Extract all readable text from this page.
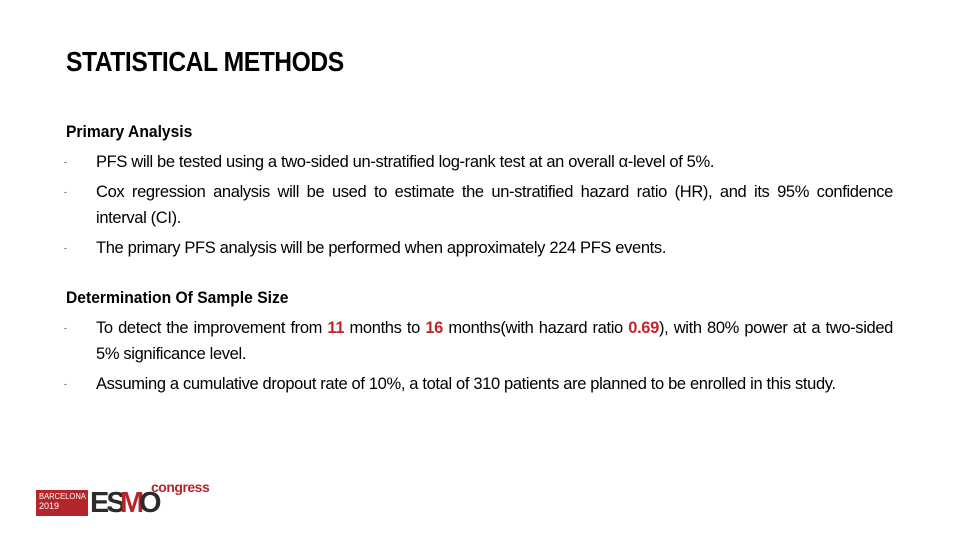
STATISTICAL METHODS
Primary Analysis
- PFS will be tested using a two-sided un-stratified log-rank test at an overall α-level of 5%.
- Cox regression analysis will be used to estimate the un-stratified hazard ratio (HR), and its 95% confidence interval (CI).
- The primary PFS analysis will be performed when approximately 224 PFS events.
Determination Of Sample Size
- To detect the improvement from 11 months to 16 months(with hazard ratio 0.69), with 80% power at a two-sided 5% significance level.
- Assuming a cumulative dropout rate of 10%, a total of 310 patients are planned to be enrolled in this study.
BARCELONA
2019 ES
M
O
congress
